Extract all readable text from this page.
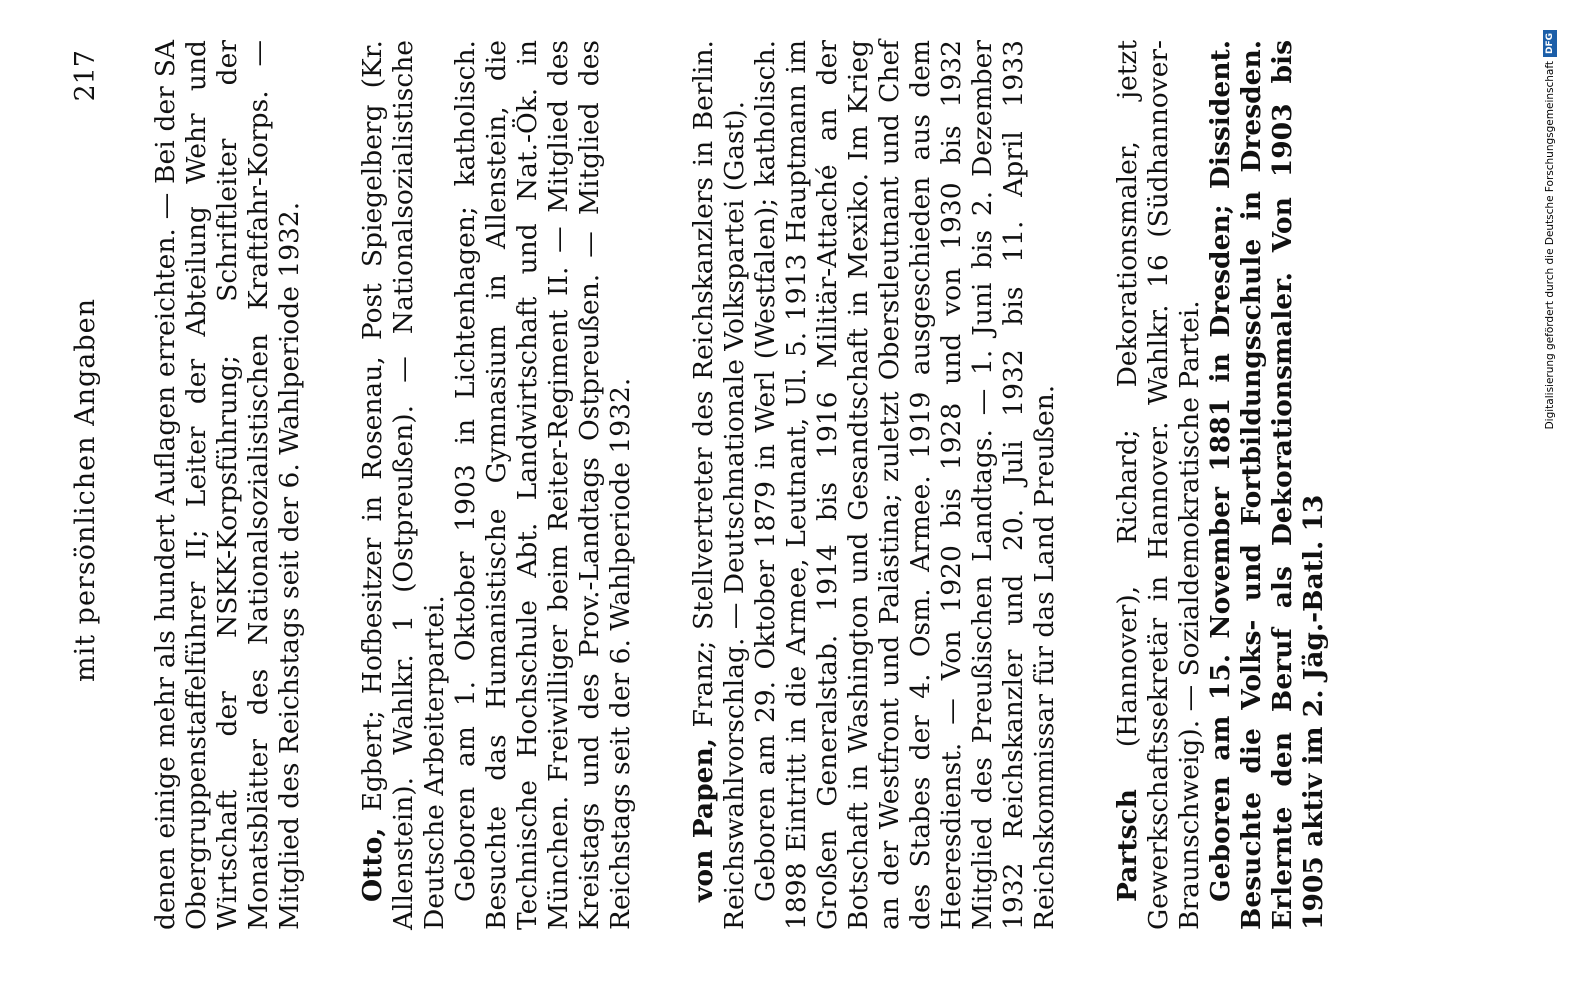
mit persönlichen Angaben
217 denen einige mehr als hundert Auflagen erreichten. — Bei der SA Obergruppenstaffelführer II; Leiter der Abteilung Wehr und Wirtschaft der NSKK-Korpsführung; Schriftleiter der Monatsblätter des Nationalsozialistischen Kraftfahr-Korps. — Mitglied des Reichstags seit der 6. Wahlperiode 1932. Otto, Egbert; Hofbesitzer in Rosenau, Post Spiegelberg (Kr. Allenstein). Wahlkr. 1 (Ostpreußen). — Nationalsozialistische Deutsche Arbeiterpartei. Geboren am 1. Oktober 1903 in Lichtenhagen; katholisch. Besuchte das Humanistische Gymnasium in Allenstein, die Technische Hochschule Abt. Landwirtschaft und Nat.-Ök. in München. Freiwilliger beim Reiter-Regiment II. — Mitglied des Kreistags und des Prov.-Landtags Ostpreußen. — Mitglied des Reichstags seit der 6. Wahlperiode 1932. von Papen, Franz; Stellvertreter des Reichskanzlers in Berlin. Reichswahlvorschlag. — Deutschnationale Volkspartei (Gast). Geboren am 29. Oktober 1879 in Werl (Westfalen); katholisch. 1898 Eintritt in die Armee, Leutnant, Ul. 5. 1913 Hauptmann im Großen Generalstab. 1914 bis 1916 Militär-Attaché an der Botschaft in Washington und Gesandtschaft in Mexiko. Im Krieg an der Westfront und Palästina; zuletzt Oberstleutnant und Chef des Stabes der 4. Osm. Armee. 1919 ausgeschieden aus dem Heeresdienst. — Von 1920 bis 1928 und von 1930 bis 1932 Mitglied des Preußischen Landtags. — 1. Juni bis 2. Dezember 1932 Reichskanzler und 20. Juli 1932 bis 11. April 1933 Reichskommissar für das Land Preußen. Partsch (Hannover), Richard; Dekorationsmaler, jetzt Gewerkschaftssekretär in Hannover. Wahlkr. 16 (Südhannover-Braunschweig). — Sozialdemokratische Partei. Geboren am 15. November 1881 in Dresden; Dissident. Besuchte die Volks- und Fortbildungsschule in Dresden. Erlernte den Beruf als Dekorationsmaler. Von 1903 bis 1905 aktiv im 2. Jäg.-Batl. 13

Digitalisierung gefördert durch die Deutsche Forschungsgemeinschaft
DFG
